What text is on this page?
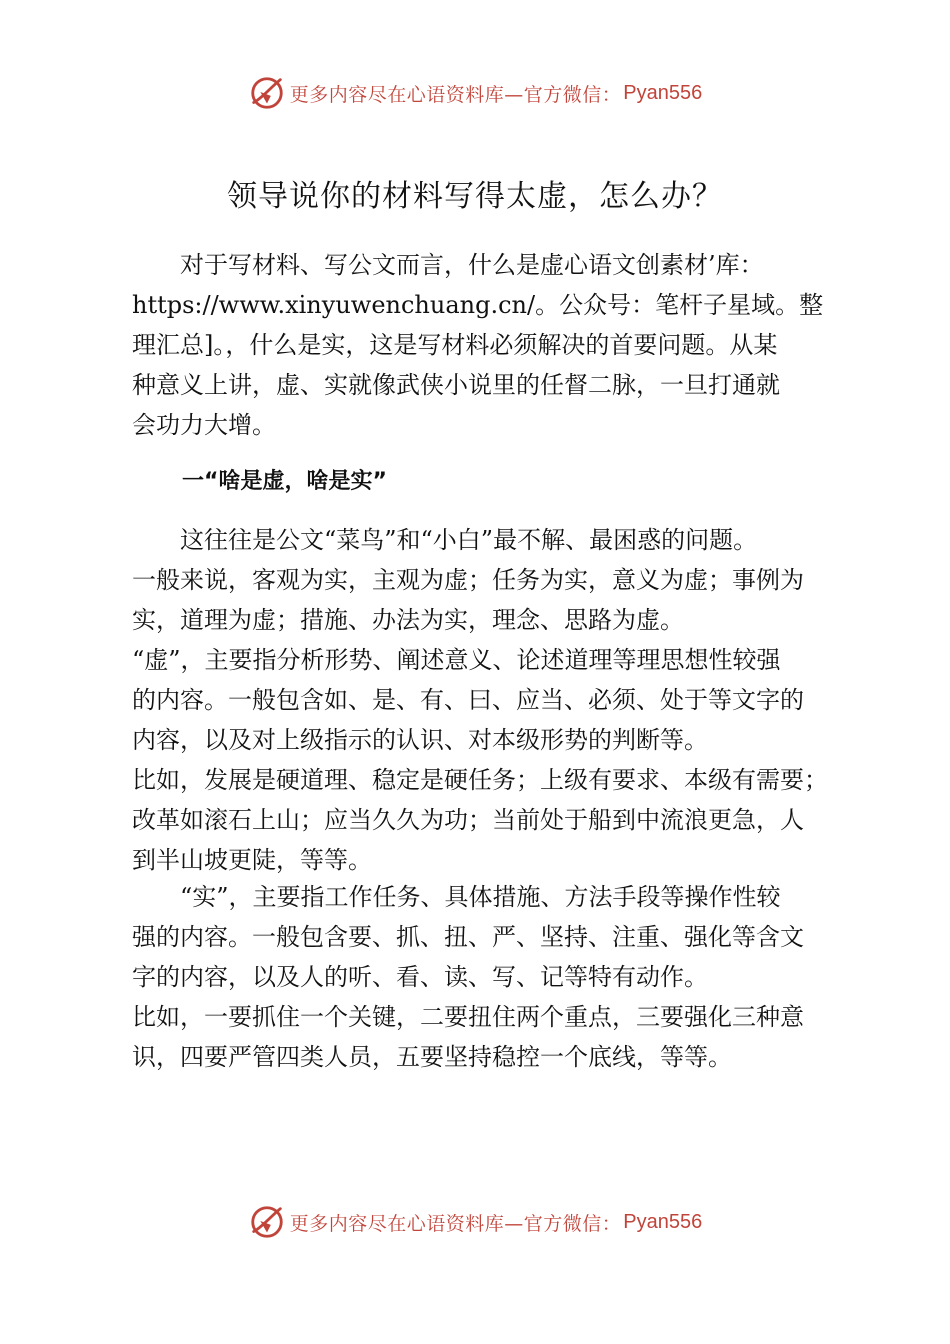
更多内容尽在心语资料库—官方微信： Pyan556
领导说你的材料写得太虚，怎么办？

　　对于写材料、写公文而言，什么是虚心语文创素材’库：
https://www.xinyuwenchuang.cn/。公众号：笔杆子星域。整
理汇总]。，什么是实，这是写材料必须解决的首要问题。从某
种意义上讲，虚、实就像武侠小说里的任督二脉，一旦打通就
会功力大增。

一“啥是虚，啥是实”

　　这往往是公文“菜鸟”和“小白”最不解、最困惑的问题。
一般来说，客观为实，主观为虚；任务为实，意义为虚；事例为
实，道理为虚；措施、办法为实，理念、思路为虚。
“虚”，主要指分析形势、阐述意义、论述道理等理思想性较强
的内容。一般包含如、是、有、曰、应当、必须、处于等文字的
内容，以及对上级指示的认识、对本级形势的判断等。
比如，发展是硬道理、稳定是硬任务；上级有要求、本级有需要；
改革如滚石上山；应当久久为功；当前处于船到中流浪更急，人
到半山坡更陡，等等。

　　“实”，主要指工作任务、具体措施、方法手段等操作性较
强的内容。一般包含要、抓、扭、严、坚持、注重、强化等含文
字的内容，以及人的听、看、读、写、记等特有动作。
比如，一要抓住一个关键，二要扭住两个重点，三要强化三种意
识，四要严管四类人员，五要坚持稳控一个底线，等等。

更多内容尽在心语资料库—官方微信： Pyan556
